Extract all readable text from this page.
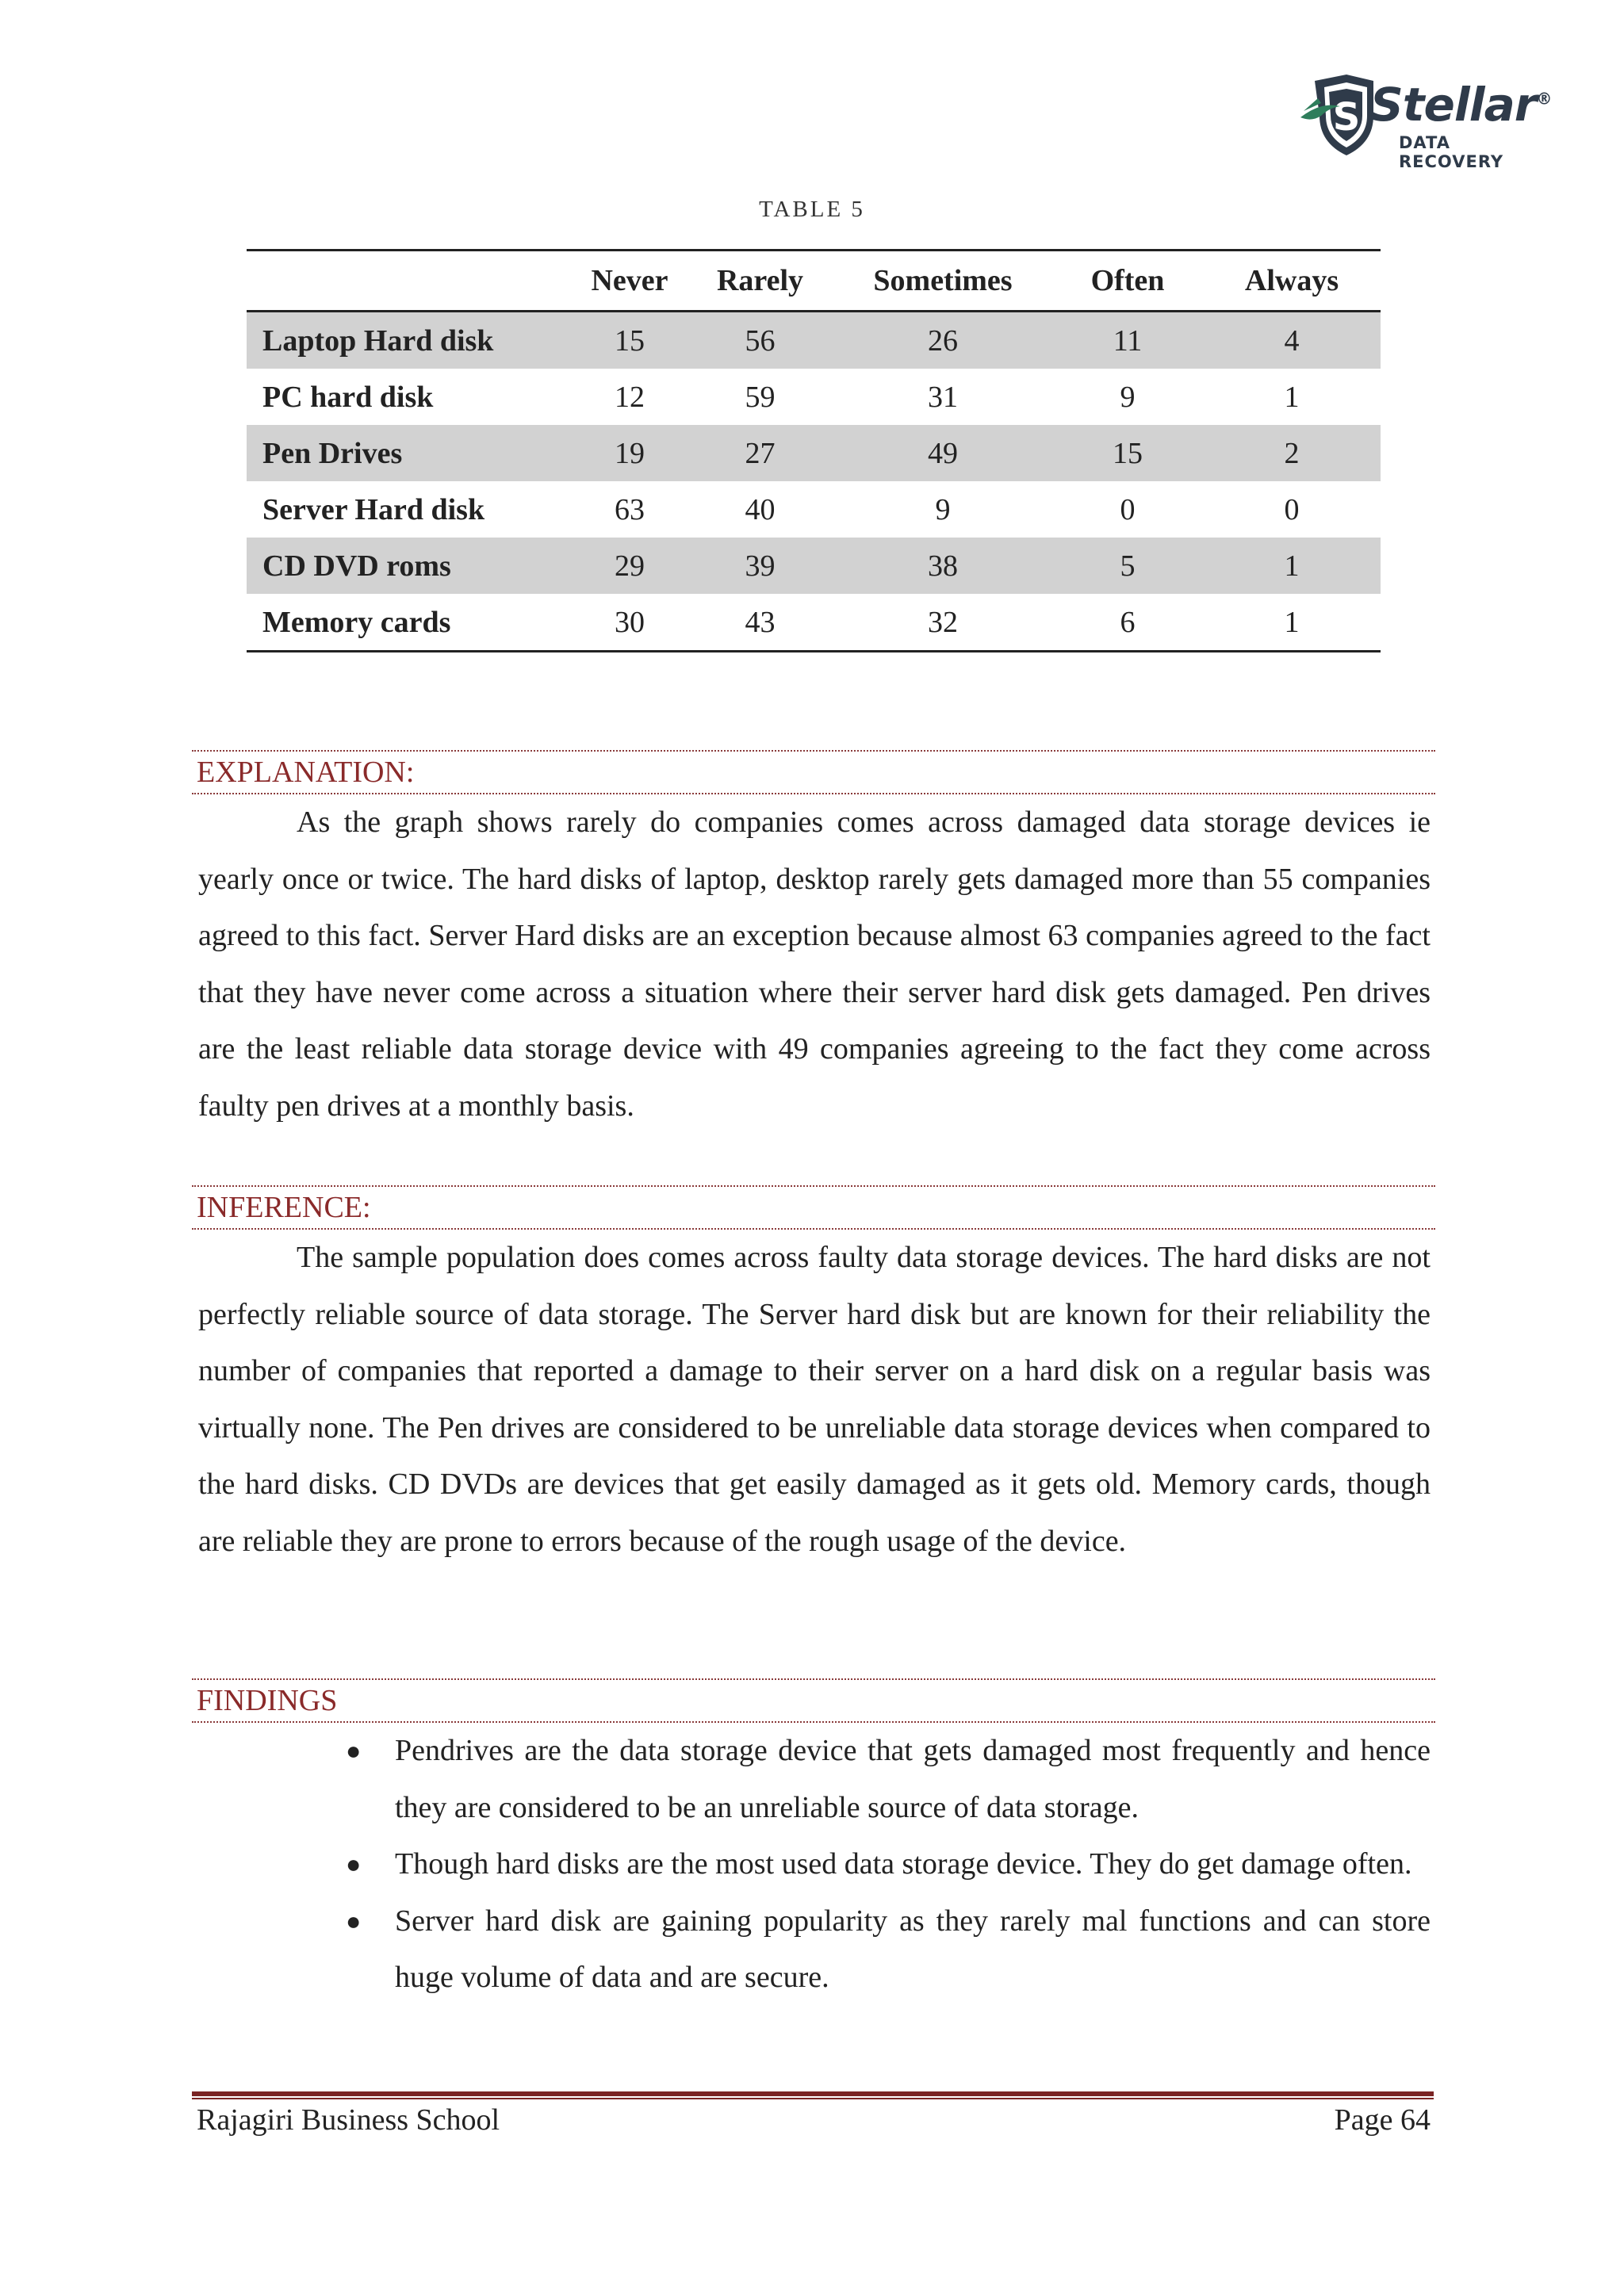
S Stellar®
DATA RECOVERY
TABLE 5
	Never	Rarely	Sometimes	Often	Always
Laptop Hard disk	15	56	26	11	4
PC hard disk	12	59	31	9	1
Pen Drives	19	27	49	15	2
Server Hard disk	63	40	9	0	0
CD DVD roms	29	39	38	5	1
Memory cards	30	43	32	6	1
EXPLANATION:

As the graph shows rarely do companies comes across damaged data storage devices ie yearly once or twice. The hard disks of laptop, desktop rarely gets damaged more than 55 companies agreed to this fact. Server Hard disks are an exception because almost 63 companies agreed to the fact that they have never come across a situation where their server hard disk gets damaged. Pen drives are the least reliable data storage device with 49 companies agreeing to the fact they come across faulty pen drives at a monthly basis.

INFERENCE:

The sample population does comes across faulty data storage devices. The hard disks are not perfectly reliable source of data storage. The Server hard disk but are known for their reliability the number of companies that reported a damage to their server on a hard disk on a regular basis was virtually none. The Pen drives are considered to be unreliable data storage devices when compared to the hard disks. CD DVDs are devices that get easily damaged as it gets old. Memory cards, though are reliable they are prone to errors because of the rough usage of the device.

FINDINGS
● Pendrives are the data storage device that gets damaged most frequently and hence they are considered to be an unreliable source of data storage.
● Though hard disks are the most used data storage device. They do get damage often.
● Server hard disk are gaining popularity as they rarely mal functions and can store huge volume of data and are secure.
Rajagiri Business School	Page 64
